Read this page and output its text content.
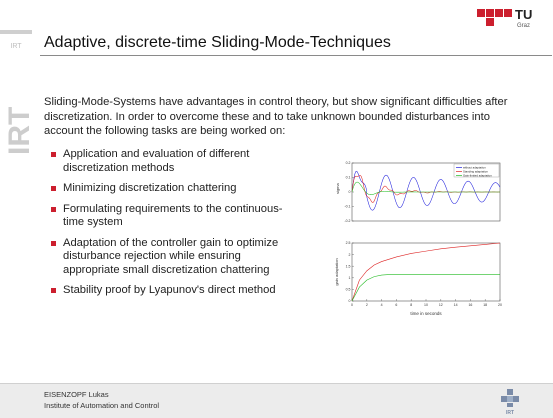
IRT
IRT
TU
Graz
Adaptive, discrete-time Sliding-Mode-Techniques
Sliding-Mode-Systems have advantages in control theory, but show significant difficulties after discretization. In order to overcome these and to take unknown bounded disturbances into account the following tasks are being worked on:
Application and evaluation of different discretization methods
Minimizing discretization chattering
Formulating requirements to the continuous-time system
Adaptation of the controller gain to optimize disturbance rejection while ensuring appropriate small discretization chattering
Stability proof by Lyapunov's direct method
0.2
0.1
0
-0.1
-0.2
sigma
without adaptation
Standing adaptation
Gain-limited adaptation
2.5
2
1.5
1
0.5
0
0	2	4	6	8	10	12	14	16	18	20
gain adaptation
time in seconds
EISENZOPF Lukas
Institute of Automation and Control
IRT
